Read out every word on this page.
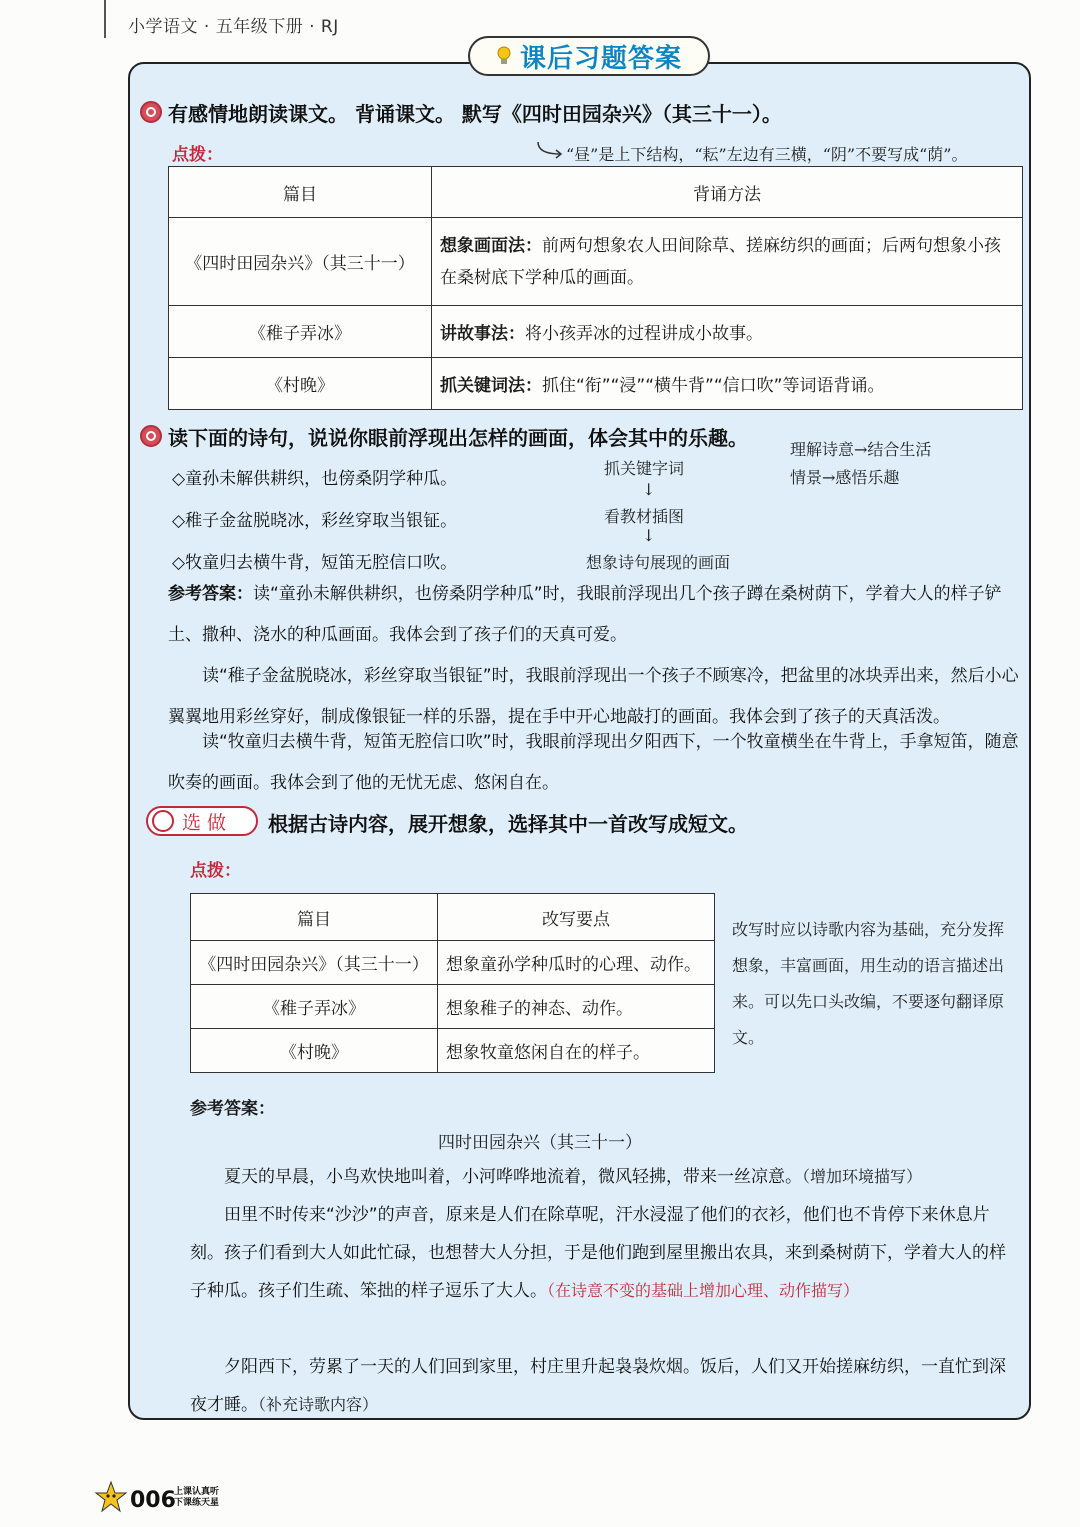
小学语文 · 五年级下册 · RJ
课后习题答案
有感情地朗读课文。 背诵课文。 默写《四时田园杂兴》（其三十一）。
点拨：	“昼”是上下结构，“耘”左边有三横，“阴”不要写成“荫”。
篇目	背诵方法
《四时田园杂兴》（其三十一）	想象画面法：前两句想象农人田间除草、搓麻纺织的画面；后两句想象小孩在桑树底下学种瓜的画面。
《稚子弄冰》	讲故事法：将小孩弄冰的过程讲成小故事。
《村晚》	抓关键词法：抓住“衔”“浸”“横牛背”“信口吹”等词语背诵。
读下面的诗句，说说你眼前浮现出怎样的画面，体会其中的乐趣。	理解诗意→结合生活
情景→感悟乐趣
◇童孙未解供耕织，也傍桑阴学种瓜。
◇稚子金盆脱晓冰，彩丝穿取当银钲。
◇牧童归去横牛背，短笛无腔信口吹。
抓关键字词
↓
看教材插图
↓
想象诗句展现的画面
参考答案：读“童孙未解供耕织，也傍桑阴学种瓜”时，我眼前浮现出几个孩子蹲在桑树荫下，学着大人的样子铲土、撒种、浇水的种瓜画面。我体会到了孩子们的天真可爱。
读“稚子金盆脱晓冰，彩丝穿取当银钲”时，我眼前浮现出一个孩子不顾寒冷，把盆里的冰块弄出来，然后小心翼翼地用彩丝穿好，制成像银钲一样的乐器，提在手中开心地敲打的画面。我体会到了孩子的天真活泼。
读“牧童归去横牛背，短笛无腔信口吹”时，我眼前浮现出夕阳西下，一个牧童横坐在牛背上，手拿短笛，随意吹奏的画面。我体会到了他的无忧无虑、悠闲自在。
选做 根据古诗内容，展开想象，选择其中一首改写成短文。
点拨：
篇目	改写要点
《四时田园杂兴》（其三十一）	想象童孙学种瓜时的心理、动作。
《稚子弄冰》	想象稚子的神态、动作。
《村晚》	想象牧童悠闲自在的样子。
改写时应以诗歌内容为基础，充分发挥想象，丰富画面，用生动的语言描述出来。可以先口头改编，不要逐句翻译原文。
参考答案：
四时田园杂兴（其三十一）
夏天的早晨，小鸟欢快地叫着，小河哗哗地流着，微风轻拂，带来一丝凉意。（增加环境描写）
田里不时传来“沙沙”的声音，原来是人们在除草呢，汗水浸湿了他们的衣衫，他们也不肯停下来休息片刻。孩子们看到大人如此忙碌，也想替大人分担，于是他们跑到屋里搬出农具，来到桑树荫下，学着大人的样子种瓜。孩子们生疏、笨拙的样子逗乐了大人。（在诗意不变的基础上增加心理、动作描写）
夕阳西下，劳累了一天的人们回到家里，村庄里升起袅袅炊烟。饭后，人们又开始搓麻纺织，一直忙到深夜才睡。（补充诗歌内容）
006
上课认真听
下课练天星
